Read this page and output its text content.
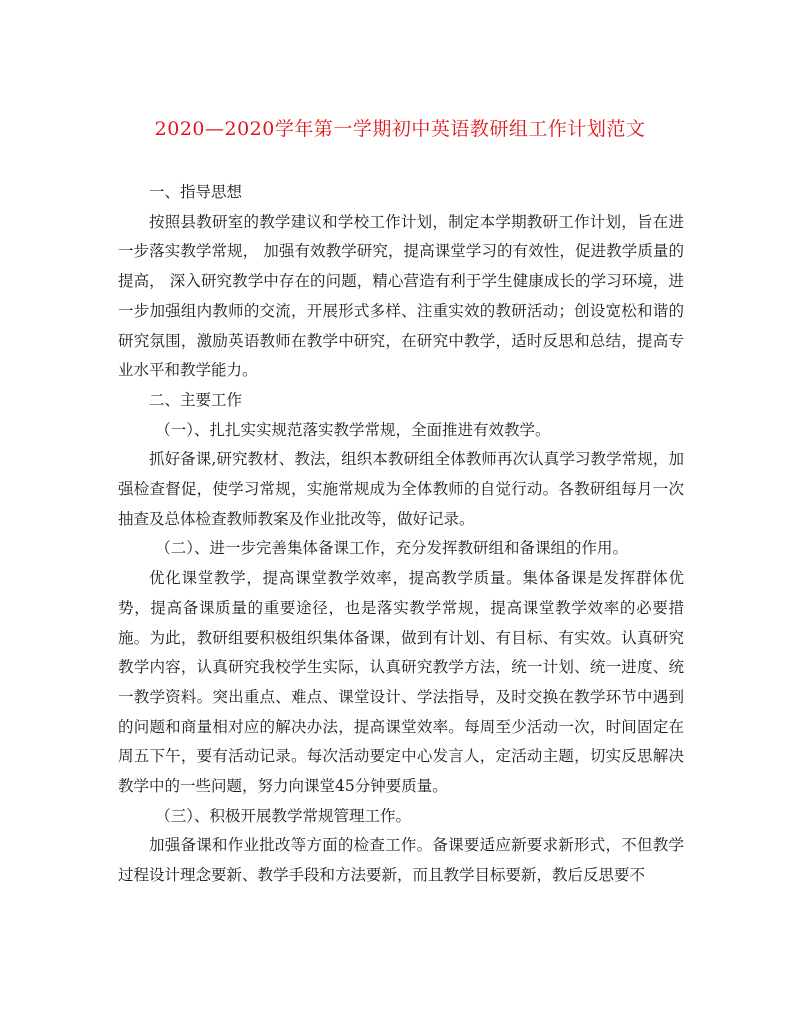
2020—2020学年第一学期初中英语教研组工作计划范文

一、指导思想

按照县教研室的教学建议和学校工作计划，制定本学期教研工作计划，旨在进一步落实教学常规， 加强有效教学研究，提高课堂学习的有效性，促进教学质量的提高， 深入研究教学中存在的问题，精心营造有利于学生健康成长的学习环境，进一步加强组内教师的交流，开展形式多样、注重实效的教研活动；创设宽松和谐的研究氛围，激励英语教师在教学中研究，在研究中教学，适时反思和总结，提高专业水平和教学能力。

二、主要工作

（一）、扎扎实实规范落实教学常规，全面推进有效教学。

抓好备课,研究教材、教法，组织本教研组全体教师再次认真学习教学常规，加强检查督促，使学习常规，实施常规成为全体教师的自觉行动。各教研组每月一次抽查及总体检查教师教案及作业批改等，做好记录。

（二）、进一步完善集体备课工作，充分发挥教研组和备课组的作用。

优化课堂教学，提高课堂教学效率，提高教学质量。集体备课是发挥群体优势，提高备课质量的重要途径，也是落实教学常规，提高课堂教学效率的必要措施。为此，教研组要积极组织集体备课，做到有计划、有目标、有实效。认真研究教学内容，认真研究我校学生实际，认真研究教学方法，统一计划、统一进度、统一教学资料。突出重点、难点、课堂设计、学法指导，及时交换在教学环节中遇到的问题和商量相对应的解决办法，提高课堂效率。每周至少活动一次，时间固定在周五下午，要有活动记录。每次活动要定中心发言人，定活动主题，切实反思解决教学中的一些问题，努力向课堂45分钟要质量。

（三）、积极开展教学常规管理工作。

加强备课和作业批改等方面的检查工作。备课要适应新要求新形式，不但教学过程设计理念要新、教学手段和方法要新，而且教学目标要新，教后反思要不
